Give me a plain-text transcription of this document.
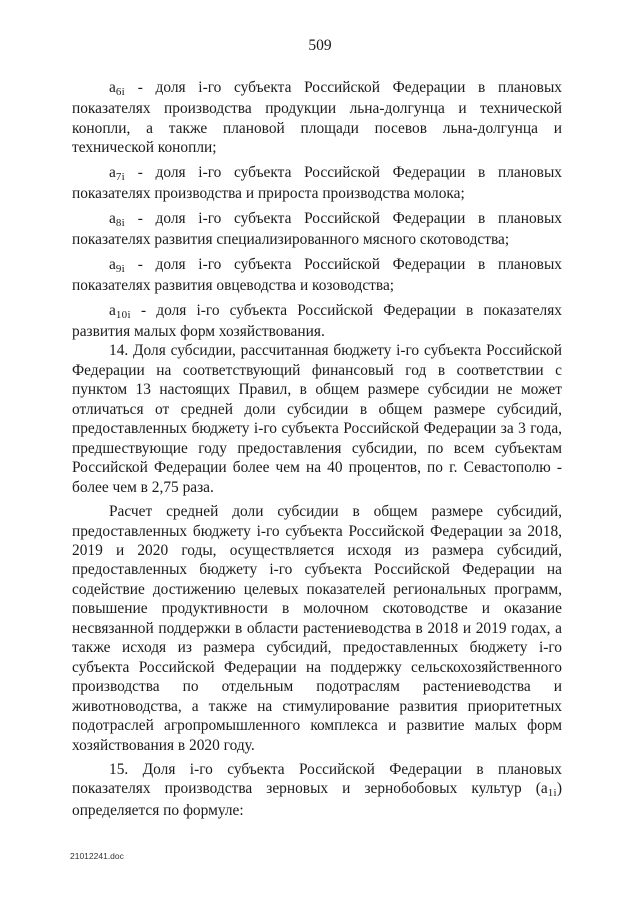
509

a6i - доля i-го субъекта Российской Федерации в плановых показателях производства продукции льна-долгунца и технической конопли, а также плановой площади посевов льна-долгунца и технической конопли;

a7i - доля i-го субъекта Российской Федерации в плановых показателях производства и прироста производства молока;

a8i - доля i-го субъекта Российской Федерации в плановых показателях развития специализированного мясного скотоводства;

a9i - доля i-го субъекта Российской Федерации в плановых показателях развития овцеводства и козоводства;

a10i - доля i-го субъекта Российской Федерации в показателях развития малых форм хозяйствования.

14. Доля субсидии, рассчитанная бюджету i-го субъекта Российской Федерации на соответствующий финансовый год в соответствии с пунктом 13 настоящих Правил, в общем размере субсидии не может отличаться от средней доли субсидии в общем размере субсидий, предоставленных бюджету i-го субъекта Российской Федерации за 3 года, предшествующие году предоставления субсидии, по всем субъектам Российской Федерации более чем на 40 процентов, по г. Севастополю - более чем в 2,75 раза.

Расчет средней доли субсидии в общем размере субсидий, предоставленных бюджету i-го субъекта Российской Федерации за 2018, 2019 и 2020 годы, осуществляется исходя из размера субсидий, предоставленных бюджету i-го субъекта Российской Федерации на содействие достижению целевых показателей региональных программ, повышение продуктивности в молочном скотоводстве и оказание несвязанной поддержки в области растениеводства в 2018 и 2019 годах, а также исходя из размера субсидий, предоставленных бюджету i-го субъекта Российской Федерации на поддержку сельскохозяйственного производства по отдельным подотраслям растениеводства и животноводства, а также на стимулирование развития приоритетных подотраслей агропромышленного комплекса и развитие малых форм хозяйствования в 2020 году.

15. Доля i-го субъекта Российской Федерации в плановых показателях производства зерновых и зернобобовых культур (a1i) определяется по формуле:

21012241.doc
